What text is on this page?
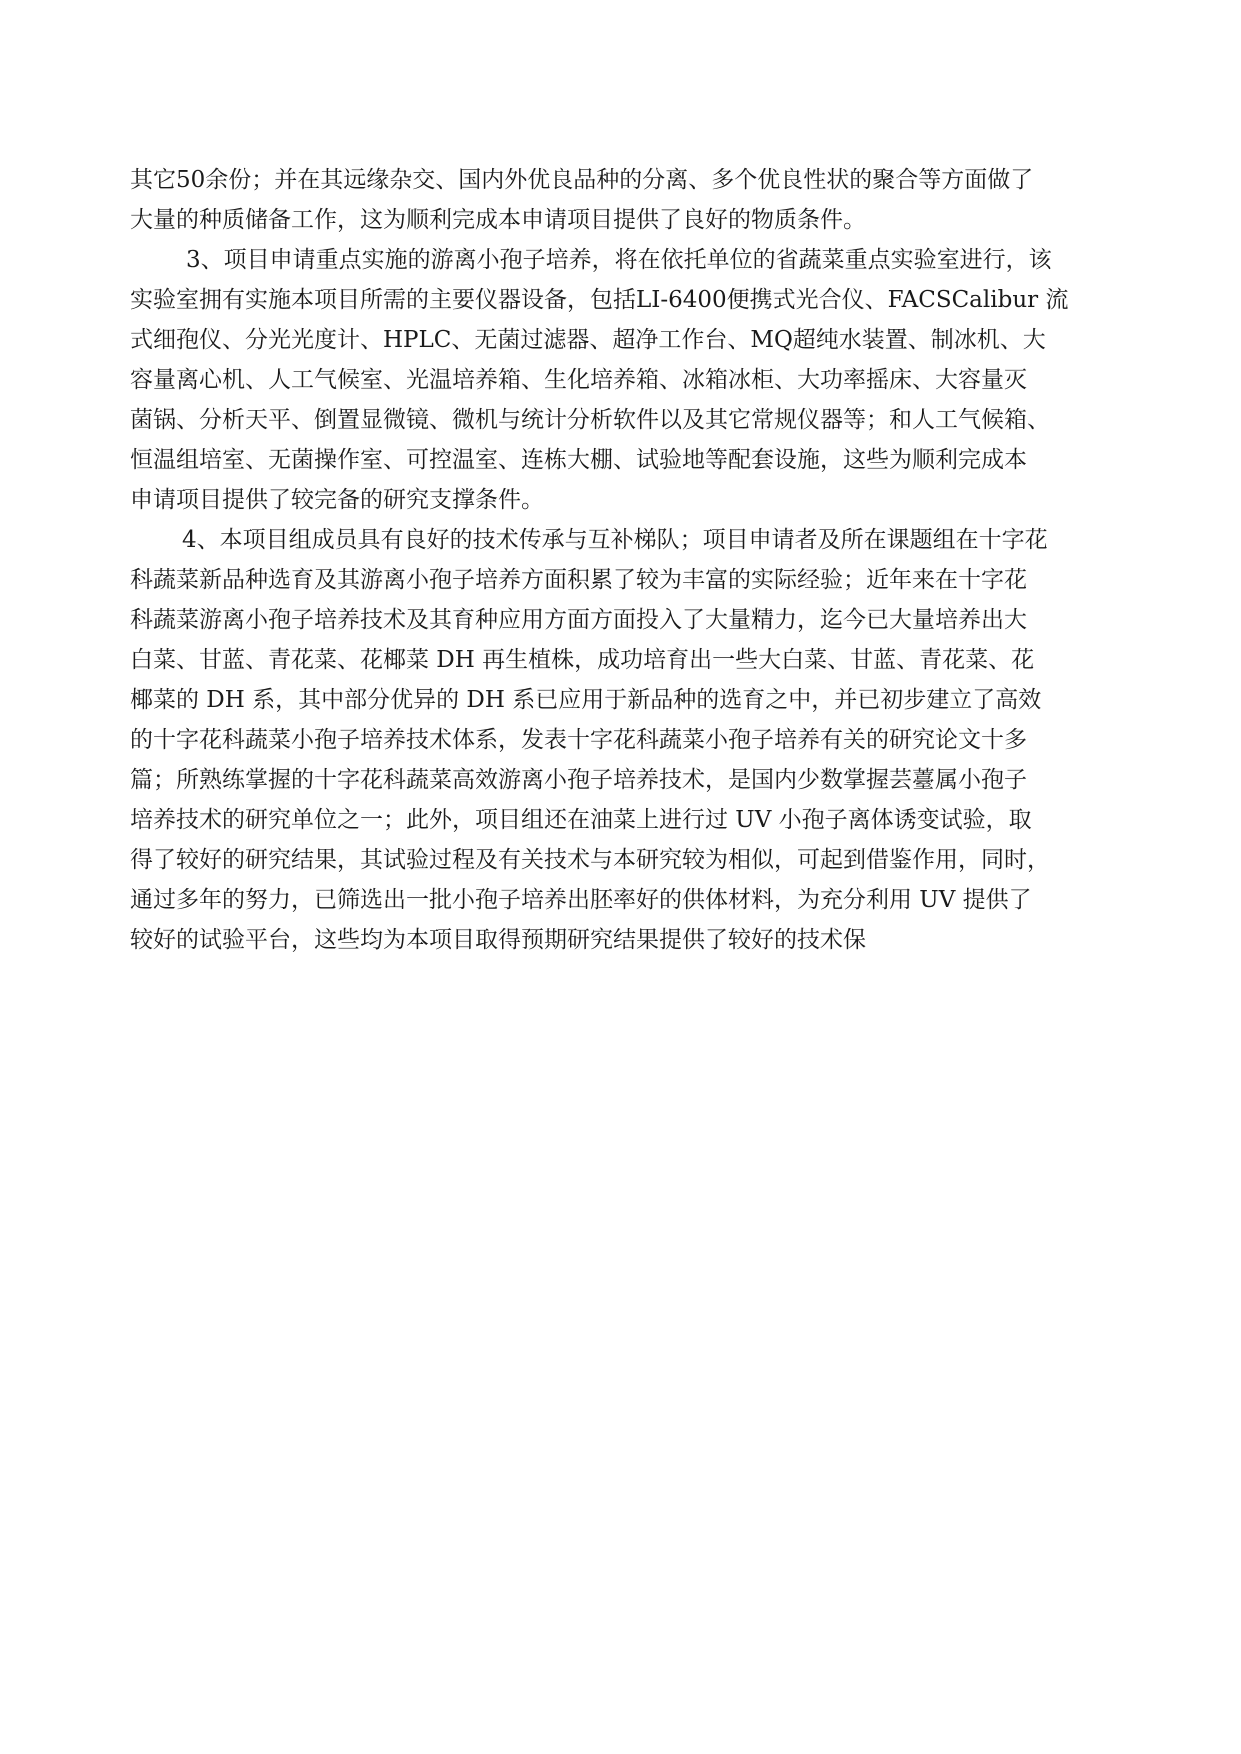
其它50余份；并在其远缘杂交、国内外优良品种的分离、多个优良性状的聚合等方面做了
大量的种质储备工作，这为顺利完成本申请项目提供了良好的物质条件。
3、项目申请重点实施的游离小孢子培养，将在依托单位的省蔬菜重点实验室进行，该
实验室拥有实施本项目所需的主要仪器设备，包括LI-6400便携式光合仪、FACSCalibur 流
式细孢仪、分光光度计、HPLC、无菌过滤器、超净工作台、MQ超纯水装置、制冰机、大
容量离心机、人工气候室、光温培养箱、生化培养箱、冰箱冰柜、大功率摇床、大容量灭
菌锅、分析天平、倒置显微镜、微机与统计分析软件以及其它常规仪器等；和人工气候箱、
恒温组培室、无菌操作室、可控温室、连栋大棚、试验地等配套设施，这些为顺利完成本
申请项目提供了较完备的研究支撑条件。
4、本项目组成员具有良好的技术传承与互补梯队；项目申请者及所在课题组在十字花
科蔬菜新品种选育及其游离小孢子培养方面积累了较为丰富的实际经验；近年来在十字花
科蔬菜游离小孢子培养技术及其育种应用方面方面投入了大量精力，迄今已大量培养出大
白菜、甘蓝、青花菜、花椰菜 DH 再生植株，成功培育出一些大白菜、甘蓝、青花菜、花
椰菜的 DH 系，其中部分优异的 DH 系已应用于新品种的选育之中，并已初步建立了高效
的十字花科蔬菜小孢子培养技术体系，发表十字花科蔬菜小孢子培养有关的研究论文十多
篇；所熟练掌握的十字花科蔬菜高效游离小孢子培养技术，是国内少数掌握芸薹属小孢子
培养技术的研究单位之一；此外，项目组还在油菜上进行过 UV 小孢子离体诱变试验，取
得了较好的研究结果，其试验过程及有关技术与本研究较为相似，可起到借鉴作用，同时，
通过多年的努力，已筛选出一批小孢子培养出胚率好的供体材料，为充分利用 UV 提供了
较好的试验平台，这些均为本项目取得预期研究结果提供了较好的技术保
